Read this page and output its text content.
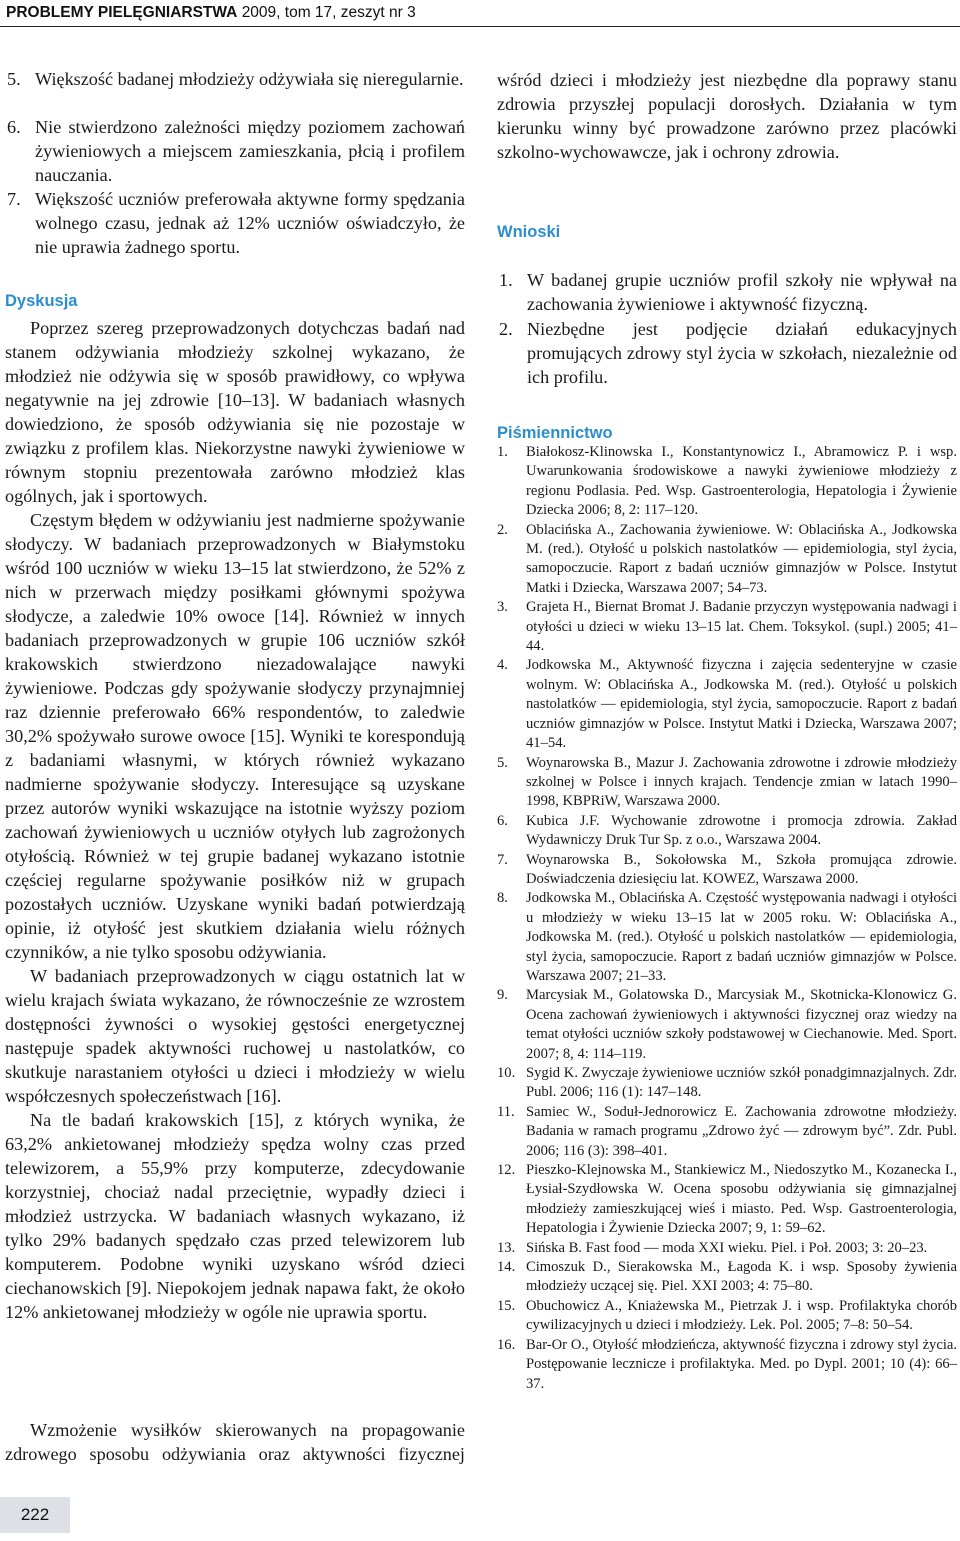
PROBLEMY PIELĘGNIARSTWA 2009, tom 17, zeszyt nr 3
5. Większość badanej młodzieży odżywiała się nieregularnie.
6. Nie stwierdzono zależności między poziomem zachowań żywieniowych a miejscem zamieszkania, płcią i profilem nauczania.
7. Większość uczniów preferowała aktywne formy spędzania wolnego czasu, jednak aż 12% uczniów oświadczyło, że nie uprawia żadnego sportu.
Dyskusja

Poprzez szereg przeprowadzonych dotychczas badań nad stanem odżywiania młodzieży szkolnej wykazano, że młodzież nie odżywia się w sposób prawidłowy, co wpływa negatywnie na jej zdrowie [10–13]. W badaniach własnych dowiedziono, że sposób odżywiania się nie pozostaje w związku z profilem klas. Niekorzystne nawyki żywieniowe w równym stopniu prezentowała zarówno młodzież klas ogólnych, jak i sportowych.

Częstym błędem w odżywianiu jest nadmierne spożywanie słodyczy. W badaniach przeprowadzonych w Białymstoku wśród 100 uczniów w wieku 13–15 lat stwierdzono, że 52% z nich w przerwach między posiłkami głównymi spożywa słodycze, a zaledwie 10% owoce [14]. Również w innych badaniach przeprowadzonych w grupie 106 uczniów szkół krakowskich stwierdzono niezadowalające nawyki żywieniowe. Podczas gdy spożywanie słodyczy przynajmniej raz dziennie preferowało 66% respondentów, to zaledwie 30,2% spożywało surowe owoce [15]. Wyniki te korespondują z badaniami własnymi, w których również wykazano nadmierne spożywanie słodyczy. Interesujące są uzyskane przez autorów wyniki wskazujące na istotnie wyższy poziom zachowań żywieniowych u uczniów otyłych lub zagrożonych otyłością. Również w tej grupie badanej wykazano istotnie częściej regularne spożywanie posiłków niż w grupach pozostałych uczniów. Uzyskane wyniki badań potwierdzają opinie, iż otyłość jest skutkiem działania wielu różnych czynników, a nie tylko sposobu odżywiania.

W badaniach przeprowadzonych w ciągu ostatnich lat w wielu krajach świata wykazano, że równocześnie ze wzrostem dostępności żywności o wysokiej gęstości energetycznej następuje spadek aktywności ruchowej u nastolatków, co skutkuje narastaniem otyłości u dzieci i młodzieży w wielu współczesnych społeczeństwach [16].

Na tle badań krakowskich [15], z których wynika, że 63,2% ankietowanej młodzieży spędza wolny czas przed telewizorem, a 55,9% przy komputerze, zdecydowanie korzystniej, chociaż nadal przeciętnie, wypadły dzieci i młodzież ustrzycka. W badaniach własnych wykazano, iż tylko 29% badanych spędzało czas przed telewizorem lub komputerem. Podobne wyniki uzyskano wśród dzieci ciechanowskich [9]. Niepokojem jednak napawa fakt, że około 12% ankietowanej młodzieży w ogóle nie uprawia sportu.

Wzmożenie wysiłków skierowanych na propagowanie zdrowego sposobu odżywiania oraz aktywności fizycznej

wśród dzieci i młodzieży jest niezbędne dla poprawy stanu zdrowia przyszłej populacji dorosłych. Działania w tym kierunku winny być prowadzone zarówno przez placówki szkolno-wychowawcze, jak i ochrony zdrowia.

Wnioski
1. W badanej grupie uczniów profil szkoły nie wpływał na zachowania żywieniowe i aktywność fizyczną.
2. Niezbędne jest podjęcie działań edukacyjnych promujących zdrowy styl życia w szkołach, niezależnie od ich profilu.
Piśmiennictwo
1.	Białokosz-Klinowska I., Konstantynowicz I., Abramowicz P. i wsp. Uwarunkowania środowiskowe a nawyki żywieniowe młodzieży z regionu Podlasia. Ped. Wsp. Gastroenterologia, Hepatologia i Żywienie Dziecka 2006; 8, 2: 117–120.
2.	Oblacińska A., Zachowania żywieniowe. W: Oblacińska A., Jodkowska M. (red.). Otyłość u polskich nastolatków — epidemiologia, styl życia, samopoczucie. Raport z badań uczniów gimnazjów w Polsce. Instytut Matki i Dziecka, Warszawa 2007; 54–73.
3.	Grajeta H., Biernat Bromat J. Badanie przyczyn występowania nadwagi i otyłości u dzieci w wieku 13–15 lat. Chem. Toksykol. (supl.) 2005; 41–44.
4.	Jodkowska M., Aktywność fizyczna i zajęcia sedenteryjne w czasie wolnym. W: Oblacińska A., Jodkowska M. (red.). Otyłość u polskich nastolatków — epidemiologia, styl życia, samopoczucie. Raport z badań uczniów gimnazjów w Polsce. Instytut Matki i Dziecka, Warszawa 2007; 41–54.
5.	Woynarowska B., Mazur J. Zachowania zdrowotne i zdrowie młodzieży szkolnej w Polsce i innych krajach. Tendencje zmian w latach 1990–1998, KBPRiW, Warszawa 2000.
6.	Kubica J.F. Wychowanie zdrowotne i promocja zdrowia. Zakład Wydawniczy Druk Tur Sp. z o.o., Warszawa 2004.
7.	Woynarowska B., Sokołowska M., Szkoła promująca zdrowie. Doświadczenia dziesięciu lat. KOWEZ, Warszawa 2000.
8.	Jodkowska M., Oblacińska A. Częstość występowania nadwagi i otyłości u młodzieży w wieku 13–15 lat w 2005 roku. W: Oblacińska A., Jodkowska M. (red.). Otyłość u polskich nastolatków — epidemiologia, styl życia, samopoczucie. Raport z badań uczniów gimnazjów w Polsce. Warszawa 2007; 21–33.
9.	Marcysiak M., Golatowska D., Marcysiak M., Skotnicka-Klonowicz G. Ocena zachowań żywieniowych i aktywności fizycznej oraz wiedzy na temat otyłości uczniów szkoły podstawowej w Ciechanowie. Med. Sport. 2007; 8, 4: 114–119.
10. Sygid K. Zwyczaje żywieniowe uczniów szkół ponadgimnazjalnych. Zdr. Publ. 2006; 116 (1): 147–148.
11. Samiec W., Soduł-Jednorowicz E. Zachowania zdrowotne młodzieży. Badania w ramach programu „Zdrowo żyć — zdrowym być”. Zdr. Publ. 2006; 116 (3): 398–401.
12. Pieszko-Klejnowska M., Stankiewicz M., Niedoszytko M., Kozanecka I., Łysiał-Szydłowska W. Ocena sposobu odżywiania się gimnazjalnej młodzieży zamieszkującej wieś i miasto. Ped. Wsp. Gastroenterologia, Hepatologia i Żywienie Dziecka 2007; 9, 1: 59–62.
13. Sińska B. Fast food — moda XXI wieku. Piel. i Poł. 2003; 3: 20–23.
14. Cimoszuk D., Sierakowska M., Łagoda K. i wsp. Sposoby żywienia młodzieży uczącej się. Piel. XXI 2003; 4: 75–80.
15. Obuchowicz A., Kniażewska M., Pietrzak J. i wsp. Profilaktyka chorób cywilizacyjnych u dzieci i młodzieży. Lek. Pol. 2005; 7–8: 50–54.
16. Bar-Or O., Otyłość młodzieńcza, aktywność fizyczna i zdrowy styl życia. Postępowanie lecznicze i profilaktyka. Med. po Dypl. 2001; 10 (4): 66–37.
222
